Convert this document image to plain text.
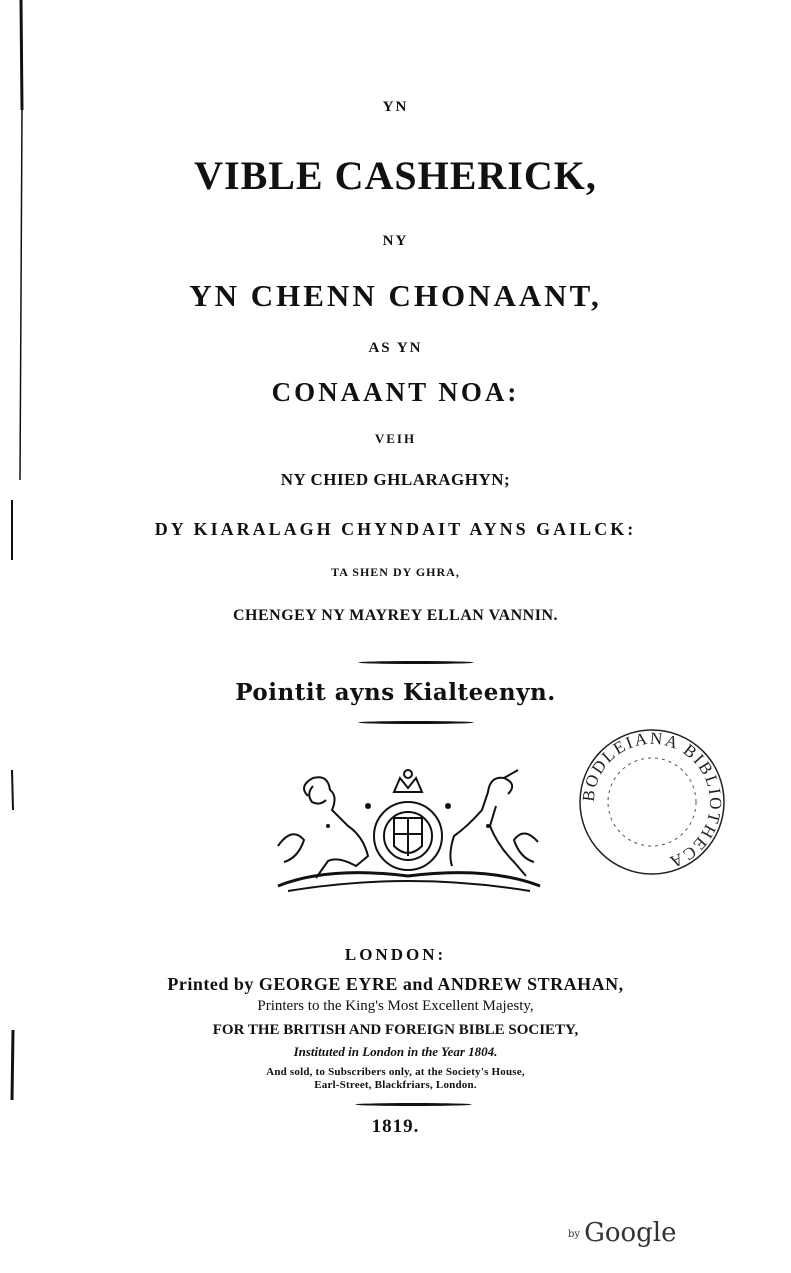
YN
VIBLE CASHERICK,
NY
YN CHENN CHONAANT,
AS YN
CONAANT NOA:
VEIH
NY CHIED GHLARAGHYN;
DY KIARALAGH CHYNDAIT AYNS GAILCK:
TA SHEN DY GHRA,
CHENGEY NY MAYREY ELLAN VANNIN.
Pointit ayns Kialteenyn.
BODLEIANA BIBLIOTHECA
LONDON:
Printed by GEORGE EYRE and ANDREW STRAHAN,
Printers to the King's Most Excellent Majesty,
FOR THE BRITISH AND FOREIGN BIBLE SOCIETY,
Instituted in London in the Year 1804.
And sold, to Subscribers only, at the Society's House,
Earl-Street, Blackfriars, London.
1819.
by Google
